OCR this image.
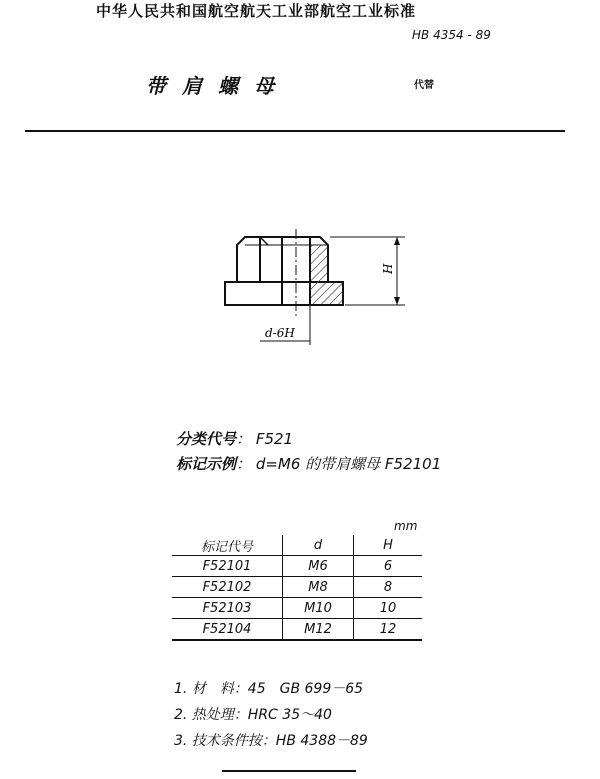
中华人民共和国航空航天工业部航空工业标准
HB 4354 - 89
带肩螺母	代替
H
d-6H
分类代号： F521
标记示例： d=M6 的带肩螺母 F52101
mm
标记代号	d	H
F52101	M6	6
F52102	M8	8
F52103	M10	10
F52104	M12	12
1. 材　料：45　GB 699－65
2. 热处理：HRC 35～40
3. 技术条件按：HB 4388－89
